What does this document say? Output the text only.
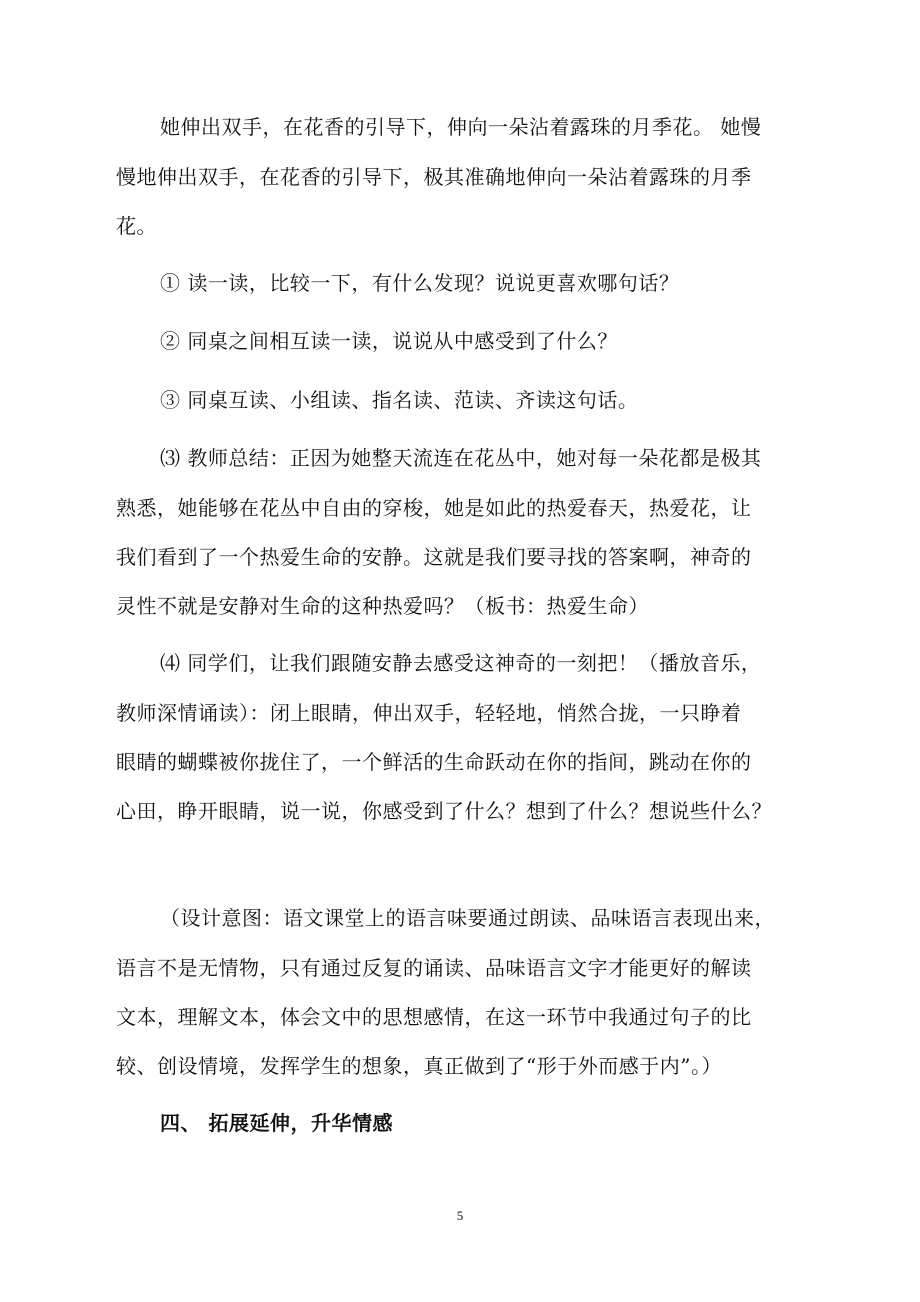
她伸出双手，在花香的引导下，伸向一朵沾着露珠的月季花。 她慢
慢地伸出双手，在花香的引导下，极其准确地伸向一朵沾着露珠的月季
花。
① 读一读，比较一下，有什么发现？说说更喜欢哪句话？
② 同桌之间相互读一读，说说从中感受到了什么？
③ 同桌互读、小组读、指名读、范读、齐读这句话。
⑶ 教师总结：正因为她整天流连在花丛中，她对每一朵花都是极其
熟悉，她能够在花丛中自由的穿梭，她是如此的热爱春天，热爱花，让
我们看到了一个热爱生命的安静。这就是我们要寻找的答案啊，神奇的
灵性不就是安静对生命的这种热爱吗？（板书：热爱生命）
⑷ 同学们，让我们跟随安静去感受这神奇的一刻把！（播放音乐，
教师深情诵读）：闭上眼睛，伸出双手，轻轻地，悄然合拢，一只睁着
眼睛的蝴蝶被你拢住了，一个鲜活的生命跃动在你的指间，跳动在你的
心田，睁开眼睛，说一说，你感受到了什么？想到了什么？想说些什么？
（设计意图：语文课堂上的语言味要通过朗读、品味语言表现出来，
语言不是无情物，只有通过反复的诵读、品味语言文字才能更好的解读
文本，理解文本，体会文中的思想感情，在这一环节中我通过句子的比
较、创设情境，发挥学生的想象，真正做到了“形于外而感于内”。）
四、 拓展延伸，升华情感
5
